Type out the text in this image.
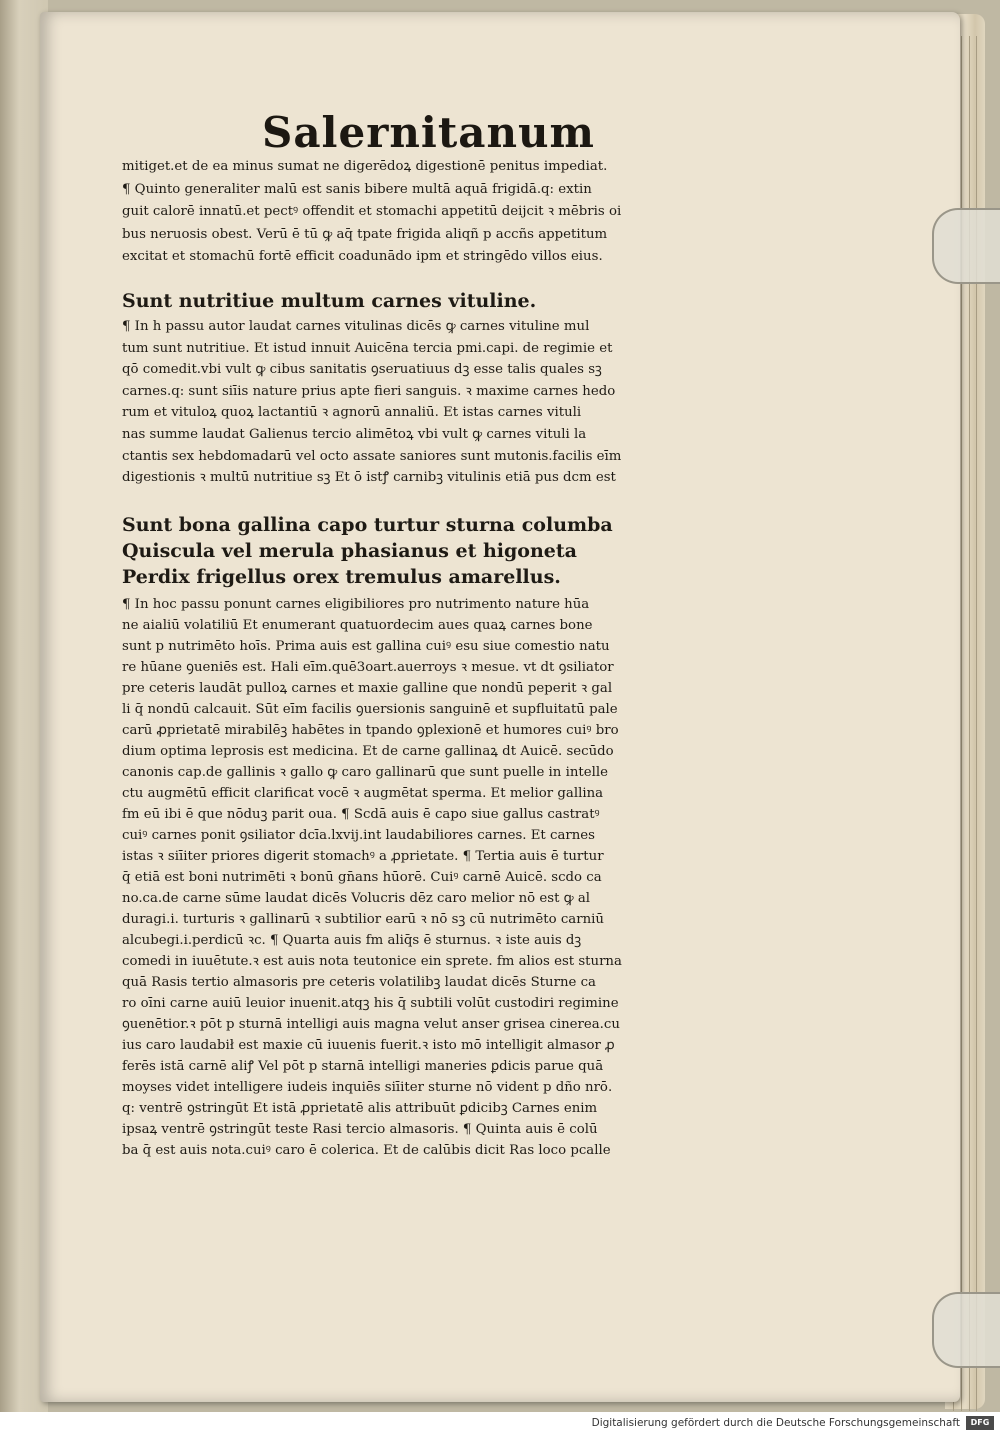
Salernitanum
mitiget.et de ea minus sumat ne digerēdoꝝ digestionē penitus impediat.
¶ Quinto generaliter malū est sanis bibere multā aquā frigidā.q: extin
guit calorē innatū.et pectꝰ offendit et stomachi appetitū deijcit ꝛ mēbris oi
bus neruosis obest. Verū ē tū ꝙ aq̄ tpate frigida aliqñ p accñs appetitum
excitat et stomachū fortē efficit coadunādo ipm et stringēdo villos eius.
Sunt nutritiue multum carnes vituline.
¶ In h̄ passu autor laudat carnes vitulinas dicēs ꝙ carnes vituline mul
tum sunt nutritiue. Et istud innuit Auicēna tercia pmi.capi. de regimie et
qō comedit.vbi vult ꝙ cibus sanitatis ꝯseruatiuus dꝫ esse talis quales sꝫ
carnes.q: sunt siīis nature prius apte fieri sanguis. ꝛ maxime carnes hedo
rum et vituloꝝ quoꝝ lactantiū ꝛ agnorū annaliū. Et istas carnes vituli
nas summe laudat Galienus tercio alimētoꝝ vbi vult ꝙ carnes vituli la
ctantis sex hebdomadarū vel octo assate saniores sunt mutonis.facilis eīm
digestionis ꝛ multū nutritiue sꝫ Et ō istꝭ carnibꝫ vitulinis etiā pus dcm est
Sunt bona gallina capo turtur sturna columba
Quiscula vel merula phasianus et higoneta
Perdix frigellus orex tremulus amarellus.
¶ In hoc passu ponunt carnes eligibiliores pro nutrimento nature hūa
ne aialiū volatiliū Et enumerant quatuordecim aues quaꝝ carnes bone
sunt p nutrimēto hoīs. Prima auis est gallina cuiꝰ esu siue comestio natu
re hūane ꝯueniēs est. Hali eīm.quē3oart.auerroys ꝛ mesue. vt dt ꝯsiliator
pre ceteris laudāt pulloꝝ carnes et maxie galline que nondū peperit ꝛ gal
li q̄ nondū calcauit. Sūt eīm facilis ꝯuersionis sanguinē et supfluitatū pale
carū ꝓprietatē mirabilēꝫ habētes in tpando ꝯplexionē et humores cuiꝰ bro
dium optima leprosis est medicina. Et de carne gallinaꝝ dt Auicē. secūdo
canonis cap.de gallinis ꝛ gallo ꝙ caro gallinarū que sunt puelle in intelle
ctu augmētū efficit clarificat vocē ꝛ augmētat sperma. Et melior gallina
fm eū ibi ē que nōduꝫ parit oua. ¶ Scdā auis ē capo siue gallus castratꝰ
cuiꝰ carnes ponit ꝯsiliator dcīa.lxvij.int laudabiliores carnes. Et carnes
istas ꝛ siīiter priores digerit stomachꝰ a ꝓprietate. ¶ Tertia auis ē turtur
q̄ etiā est boni nutrimēti ꝛ bonū gn̄ans hūorē. Cuiꝰ carnē Auicē. scdo ca
no.ca.de carne sūme laudat dicēs Volucris dēz caro melior nō est ꝙ al
duragi.i. turturis ꝛ gallinarū ꝛ subtilior earū ꝛ nō sꝫ cū nutrimēto carniū
alcubegi.i.perdicū ꝛc. ¶ Quarta auis fm aliq̄s ē sturnus. ꝛ iste auis dꝫ
comedi in iuuētute.ꝛ est auis nota teutonice ein sprete. fm alios est sturna
quā Rasis tertio almasoris pre ceteris volatilibꝫ laudat dicēs Sturne ca
ro oīni carne auiū leuior inuenit.atqꝫ his q̄ subtili volūt custodiri regimine
ꝯuenētior.ꝛ pōt p sturnā intelligi auis magna velut anser grisea cinerea.cu
ius caro laudabił est maxie cū iuuenis fuerit.ꝛ isto mō intelligit almasor ꝓ
ferēs istā carnē aliꝭ Vel pōt p starnā intelligi maneries ꝑdicis parue quā
moyses videt intelligere iudeis inquiēs siīiter sturne nō vident p dño nrō.
q: ventrē ꝯstringūt Et istā ꝓprietatē alis attribuūt ꝑdicibꝫ Carnes enim
ipsaꝝ ventrē ꝯstringūt teste Rasi tercio almasoris. ¶ Quinta auis ē colū
ba q̄ est auis nota.cuiꝰ caro ē colerica. Et de calūbis dicit Ras loco pcalle
Digitalisierung gefördert durch die Deutsche Forschungsgemeinschaft	DFG
